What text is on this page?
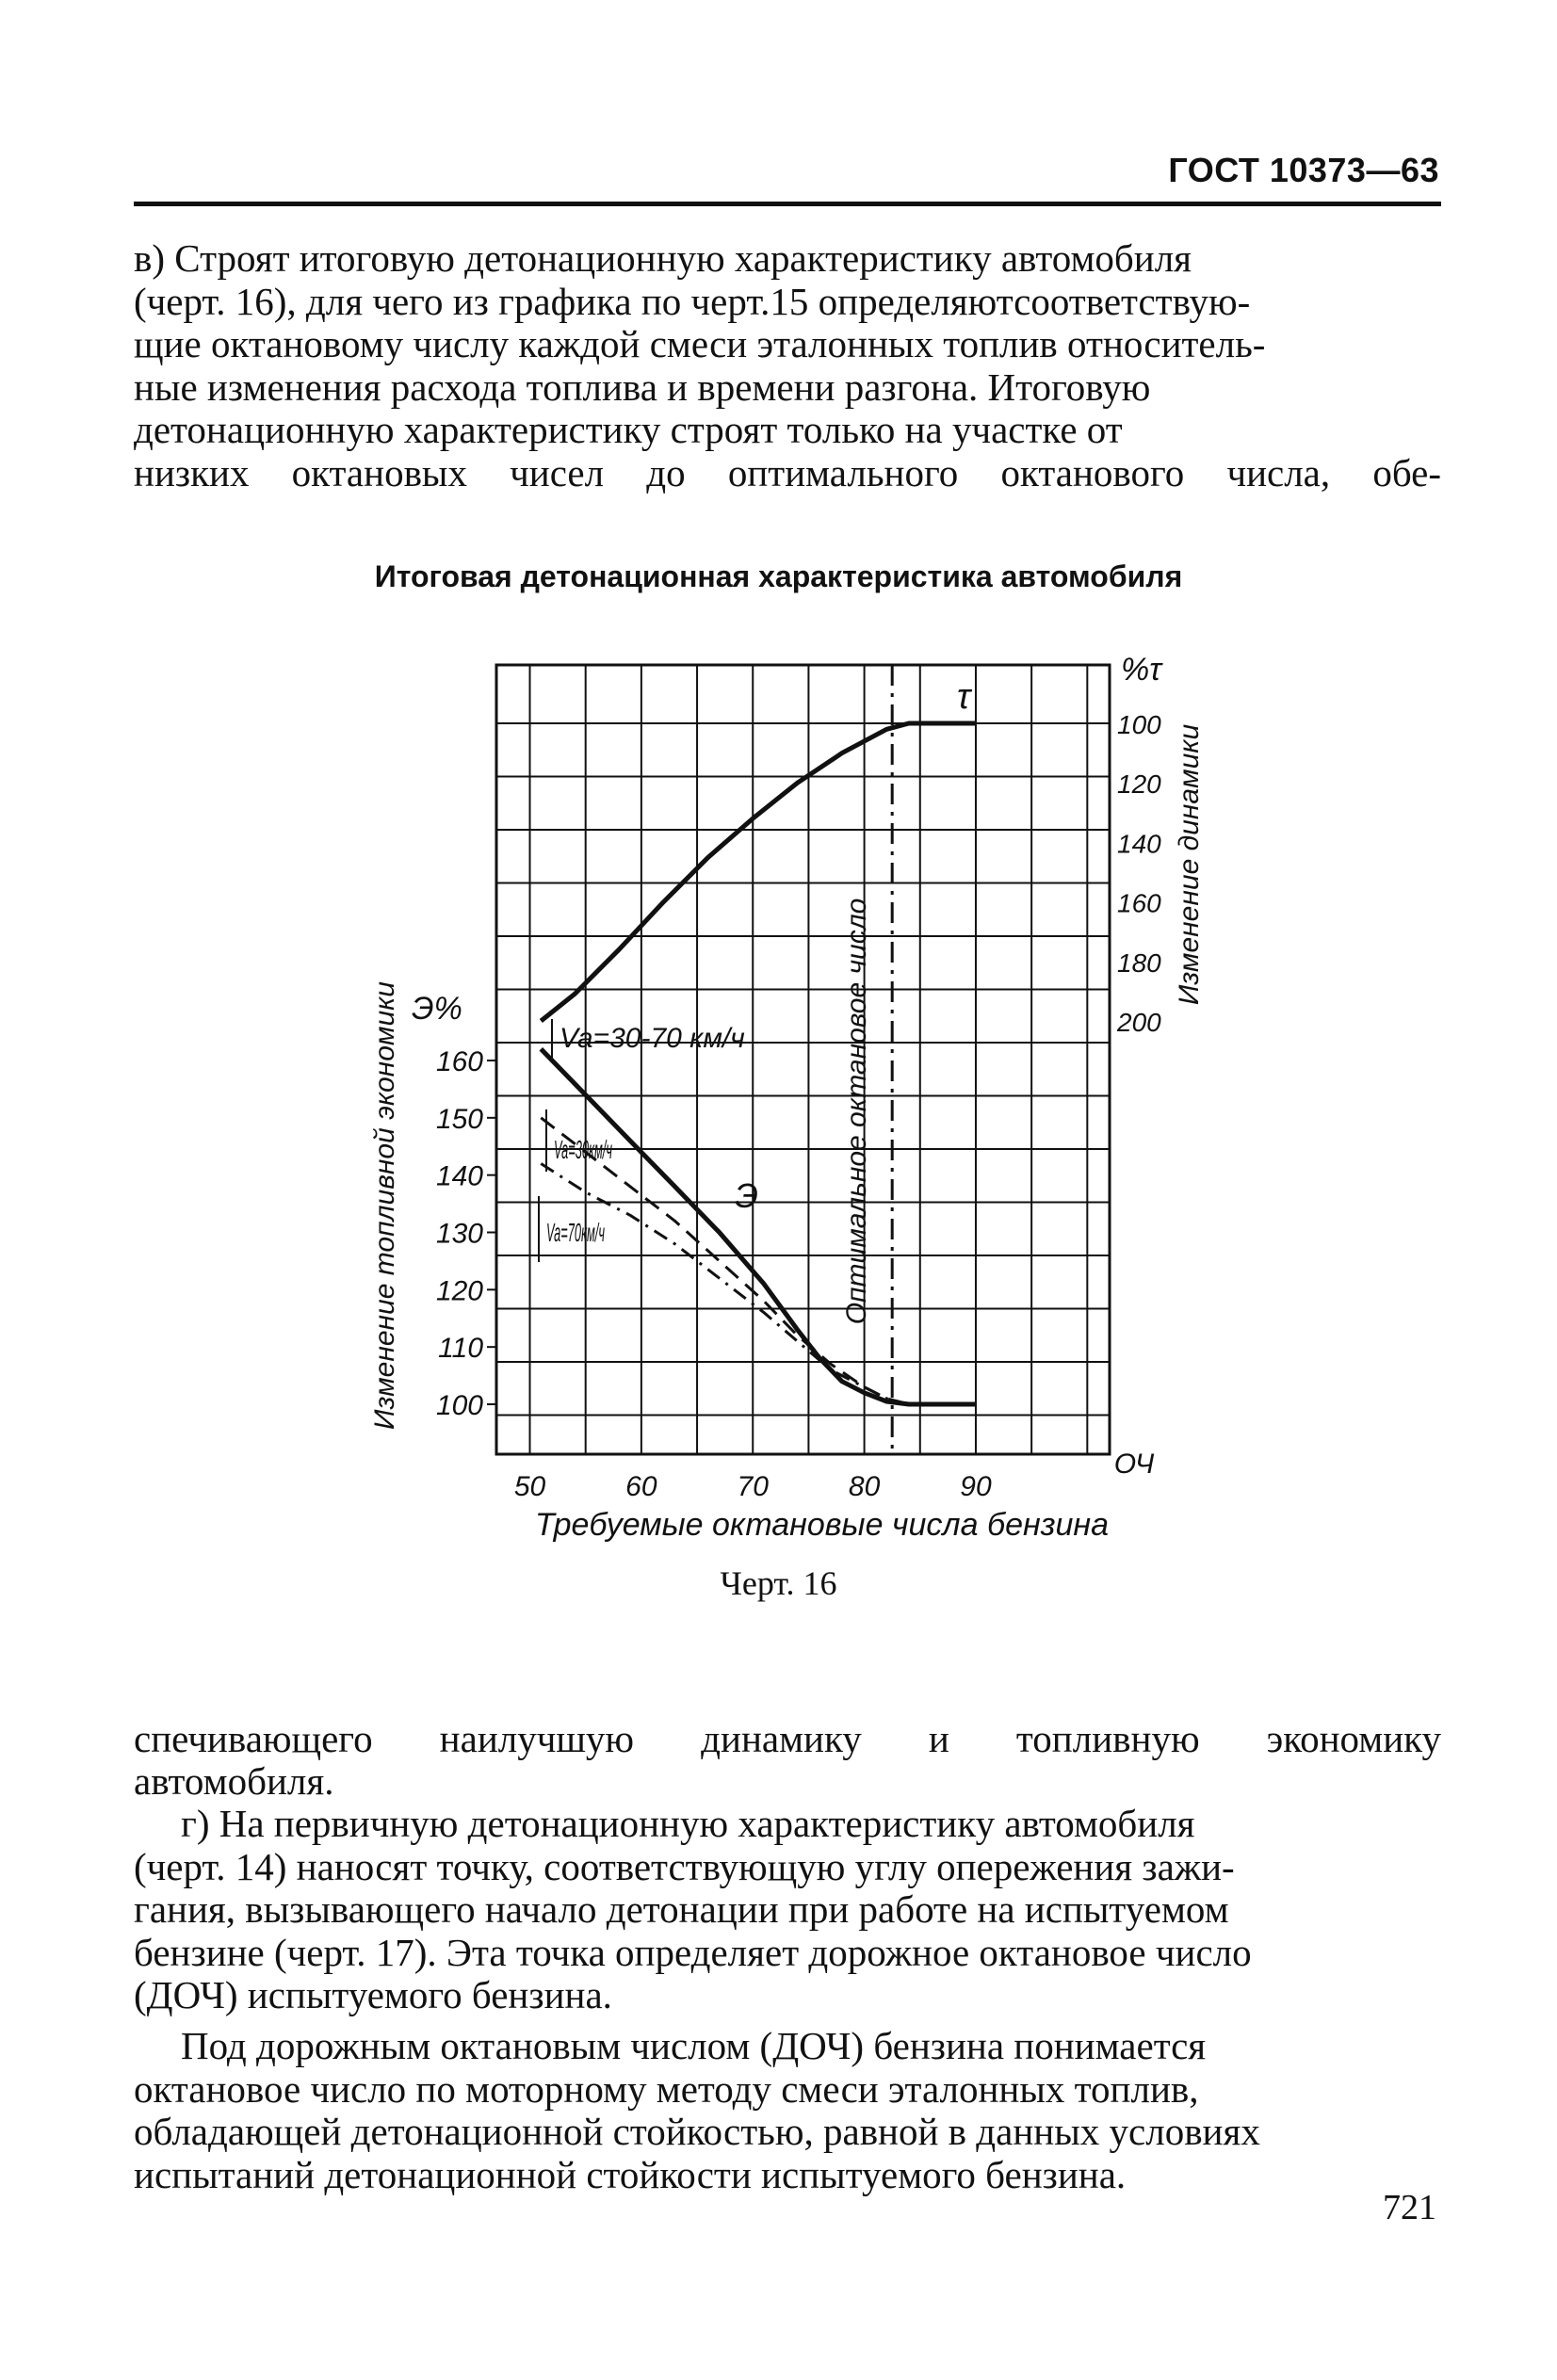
ГОСТ 10373—63
в) Строят итоговую детонационную характеристику автомобиля
(черт. 16), для чего из графика по черт.15 определяютсоответствую-
щие октановому числу каждой смеси эталонных топлив относитель-
ные изменения расхода топлива и времени разгона. Итоговую
детонационную характеристику строят только на участке от
низких октановых чисел до оптимального октанового числа, обе-
Итоговая детонационная характеристика автомобиля
50	60	70	80	90
ОЧ
Требуемые октановые числа бензина
100
110
120
130
140
150
160
Э%
Изменение топливной экономики
%τ
100
120
140
160
180
200
Изменение динамики
Оптимальное октановое число
τ
Э
Va=30-70 км/ч
Va=30км/ч
Va=70км/ч
Черт. 16
спечивающего наилучшую динамику и топливную экономику
автомобиля.
г) На первичную детонационную характеристику автомобиля
(черт. 14) наносят точку, соответствующую углу опережения зажи-
гания, вызывающего начало детонации при работе на испытуемом
бензине (черт. 17). Эта точка определяет дорожное октановое число
(ДОЧ) испытуемого бензина.
Под дорожным октановым числом (ДОЧ) бензина понимается
октановое число по моторному методу смеси эталонных топлив,
обладающей детонационной стойкостью, равной в данных условиях
испытаний детонационной стойкости испытуемого бензина.
721
